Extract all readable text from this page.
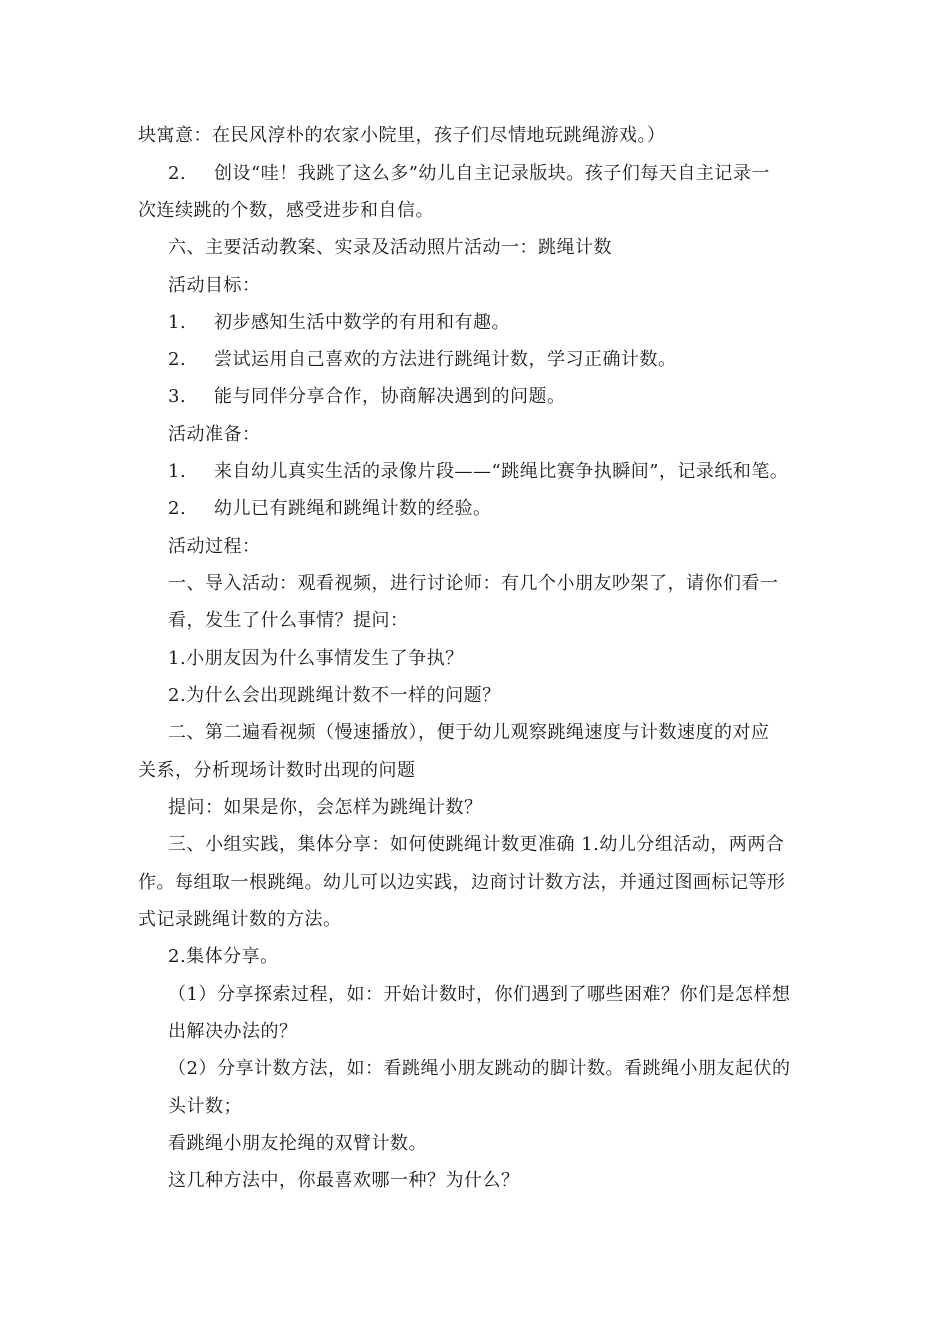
块寓意：在民风淳朴的农家小院里，孩子们尽情地玩跳绳游戏。）
2. 创设“哇！我跳了这么多”幼儿自主记录版块。孩子们每天自主记录一
次连续跳的个数，感受进步和自信。
六、主要活动教案、实录及活动照片活动一：跳绳计数
活动目标：
1. 初步感知生活中数学的有用和有趣。
2. 尝试运用自己喜欢的方法进行跳绳计数，学习正确计数。
3. 能与同伴分享合作，协商解决遇到的问题。
活动准备：
1. 来自幼儿真实生活的录像片段——“跳绳比赛争执瞬间”，记录纸和笔。
2. 幼儿已有跳绳和跳绳计数的经验。
活动过程：
一、导入活动：观看视频，进行讨论师：有几个小朋友吵架了，请你们看一
看，发生了什么事情？提问：
1.小朋友因为什么事情发生了争执？
2.为什么会出现跳绳计数不一样的问题？
二、第二遍看视频（慢速播放），便于幼儿观察跳绳速度与计数速度的对应
关系，分析现场计数时出现的问题
提问：如果是你，会怎样为跳绳计数？
三、小组实践，集体分享：如何使跳绳计数更准确 1.幼儿分组活动，两两合
作。每组取一根跳绳。幼儿可以边实践，边商讨计数方法，并通过图画标记等形
式记录跳绳计数的方法。
2.集体分享。
（1）分享探索过程，如：开始计数时，你们遇到了哪些困难？你们是怎样想
出解决办法的？
（2）分享计数方法，如：看跳绳小朋友跳动的脚计数。看跳绳小朋友起伏的
头计数；
看跳绳小朋友抡绳的双臂计数。
这几种方法中，你最喜欢哪一种？为什么？
